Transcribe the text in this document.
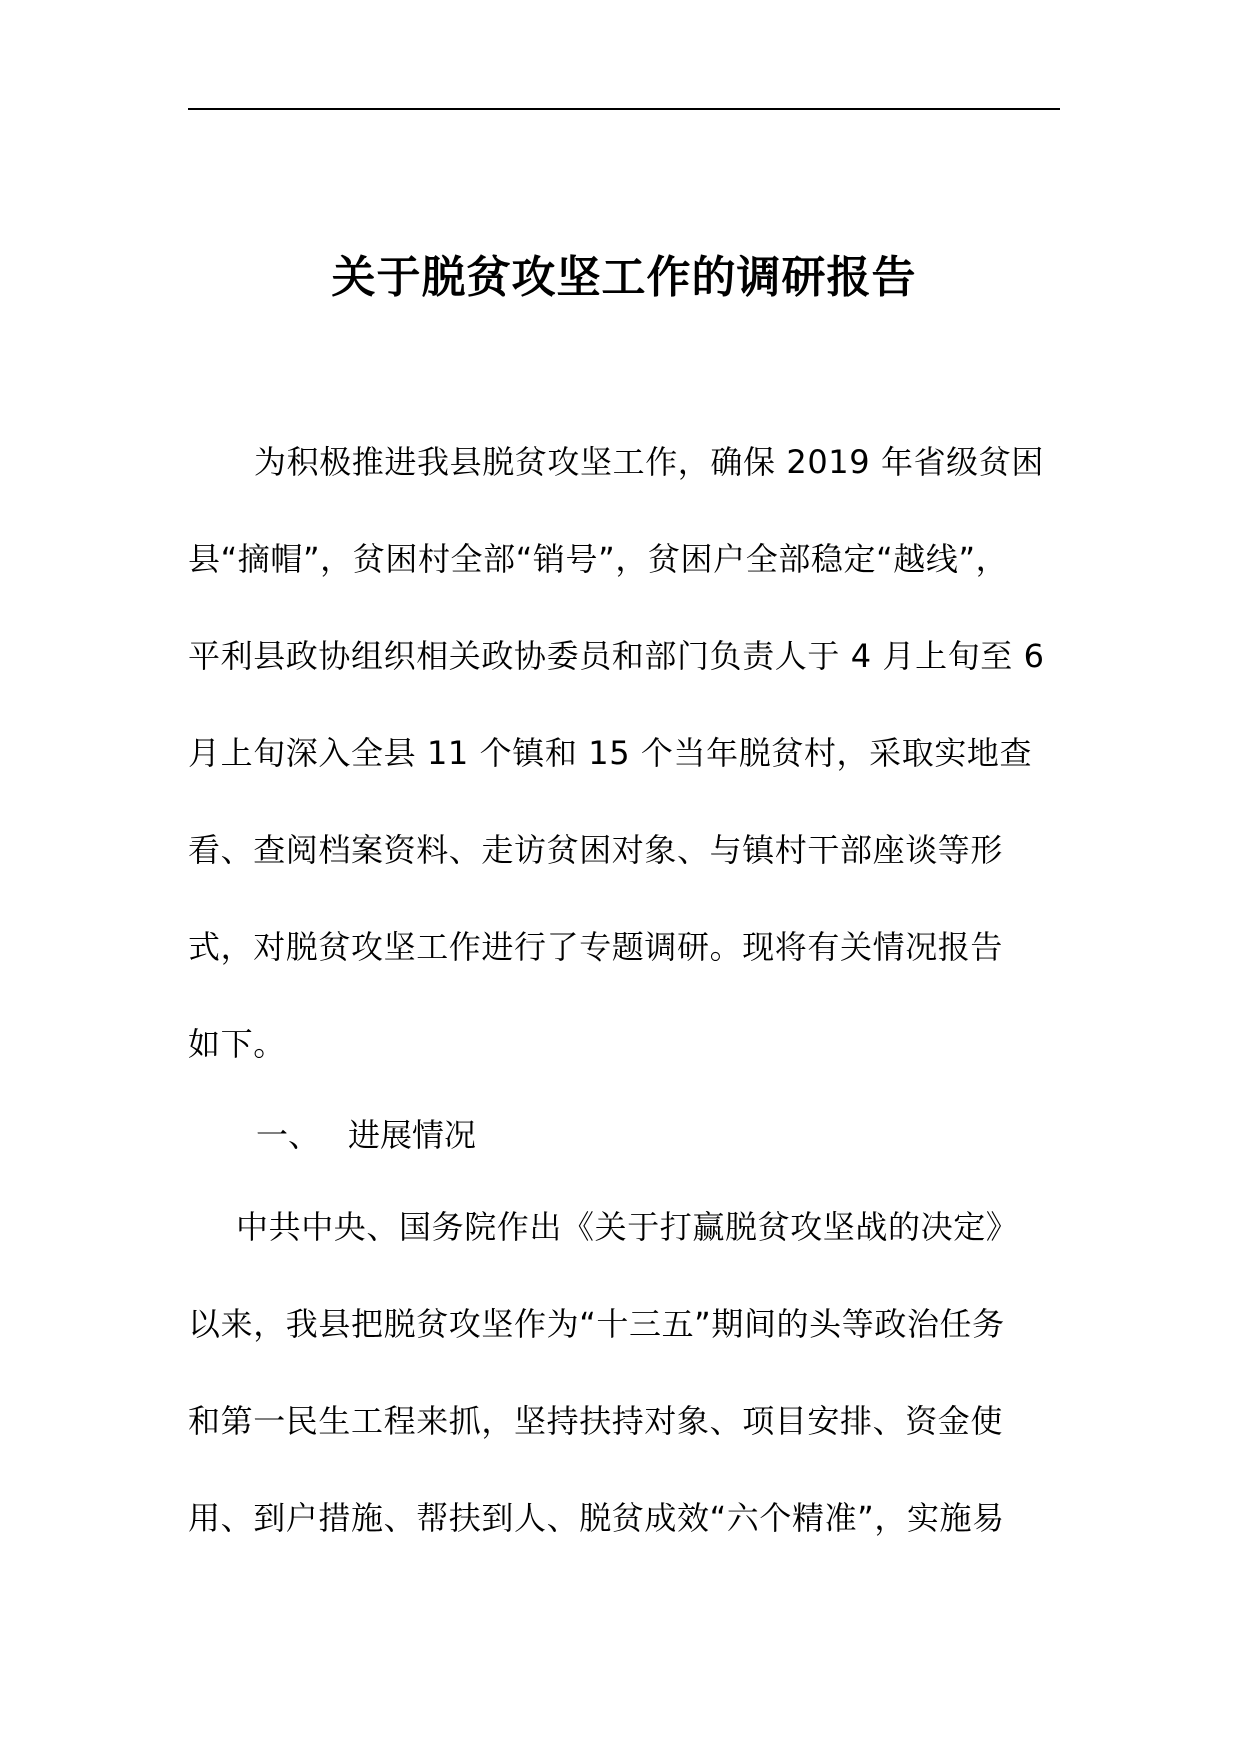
关于脱贫攻坚工作的调研报告
为积极推进我县脱贫攻坚工作，确保 2019 年省级贫困
县“摘帽”，贫困村全部“销号”，贫困户全部稳定“越线”，
平利县政协组织相关政协委员和部门负责人于 4 月上旬至 6
月上旬深入全县 11 个镇和 15 个当年脱贫村，采取实地查
看、查阅档案资料、走访贫困对象、与镇村干部座谈等形
式，对脱贫攻坚工作进行了专题调研。现将有关情况报告
如下。
一、 进展情况
中共中央、国务院作出《关于打赢脱贫攻坚战的决定》
以来，我县把脱贫攻坚作为“十三五”期间的头等政治任务
和第一民生工程来抓，坚持扶持对象、项目安排、资金使
用、到户措施、帮扶到人、脱贫成效“六个精准”，实施易
